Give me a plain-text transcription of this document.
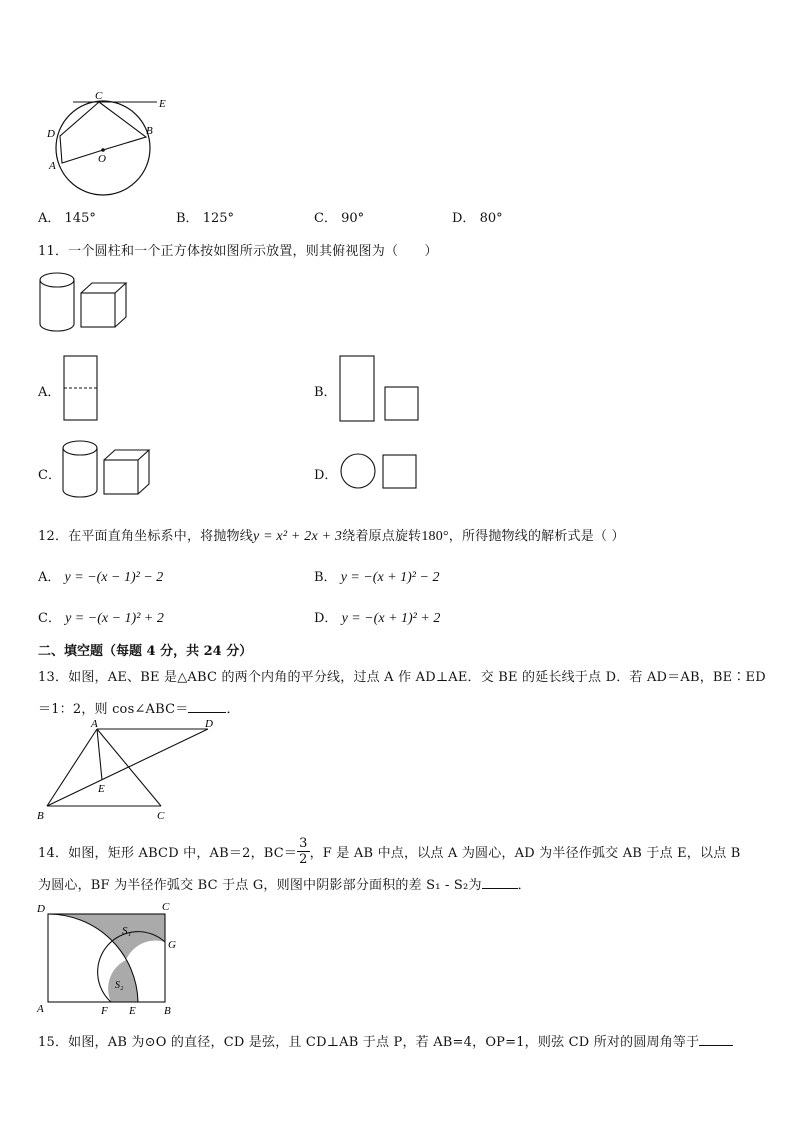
C
E
D	B
A
O
A． 145°	B． 125°	C． 90°	D． 80°
11．一个圆柱和一个正方体按如图所示放置，则其俯视图为（　　）
A．	B．
C．	D．
12．在平面直角坐标系中，将抛物线y = x² + 2x + 3绕着原点旋转180°，所得抛物线的解析式是（ ）
A． y = −(x − 1)² − 2	B． y = −(x + 1)² − 2
C． y = −(x − 1)² + 2	D． y = −(x + 1)² + 2
二、填空题（每题 4 分，共 24 分）
13．如图，AE、BE 是△ABC 的两个内角的平分线，过点 A 作 AD⊥AE．交 BE 的延长线于点 D．若 AD＝AB，BE∶ED
＝1：2，则 cos∠ABC＝	．
A	D
E
B	C
14．如图，矩形 ABCD 中，AB＝2，$BC= \frac{3}{2}$ ，F 是 AB 中点，以点 A 为圆心，AD 为半径作弧交 AB 于点 E，以点 B
为圆心，BF 为半径作弧交 BC 于点 G，则图中阴影部分面积的差 S₁ - S₂为	．
D	C
S₁
G
S₂
A	F E	B
15．如图，AB 为⊙O 的直径，CD 是弦，且 CD⊥AB 于点 P，若 AB=4，OP=1，则弦 CD 所对的圆周角等于
